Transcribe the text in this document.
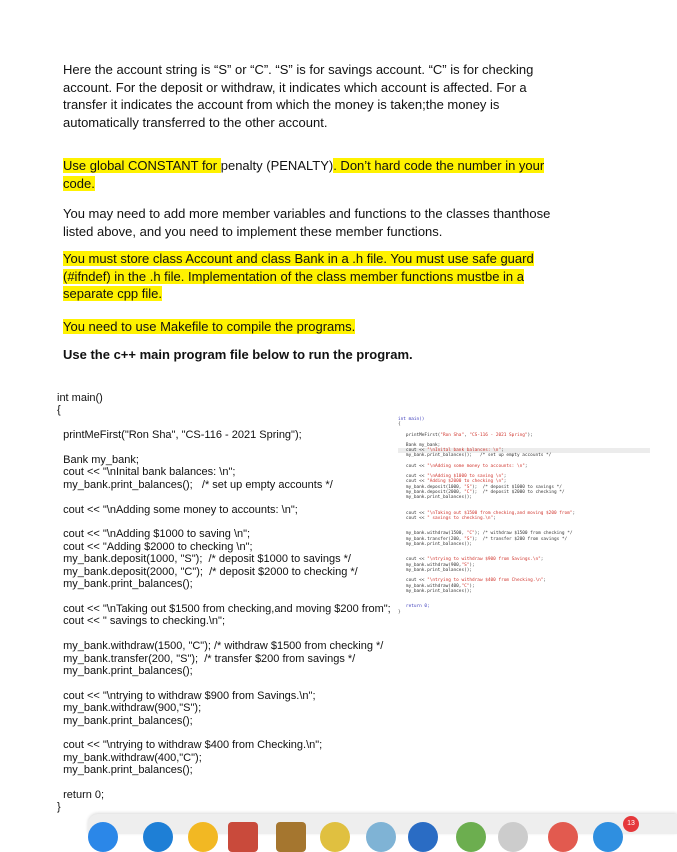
Here the account string is “S” or “C”. “S” is for savings account. “C” is for checking account. For the deposit or withdraw, it indicates which account is affected. For a transfer it indicates the account from which the money is taken;the money is automatically transferred to the other account.

Use global CONSTANT for penalty (PENALTY). Don’t hard code the number in your code.

You may need to add more member variables and functions to the classes thanthose listed above, and you need to implement these member functions.

You must store class Account and class Bank in a .h file. You must use safe guard (#ifndef) in the .h file. Implementation of the class member functions mustbe in a separate cpp file.

You need to use Makefile to compile the programs.

Use the c++ main program file below to run the program.

int main()
{

printMeFirst("Ron Sha", "CS-116 - 2021 Spring");

Bank my_bank;
cout << "\nInital bank balances: \n";
my_bank.print_balances();   /* set up empty accounts */

cout << "\nAdding some money to accounts: \n";

cout << "\nAdding $1000 to saving \n";
cout << "Adding $2000 to checking \n";
my_bank.deposit(1000, "S");  /* deposit $1000 to savings */
my_bank.deposit(2000, "C");  /* deposit $2000 to checking */
my_bank.print_balances();

cout << "\nTaking out $1500 from checking,and moving $200 from";
cout << " savings to checking.\n";

my_bank.withdraw(1500, "C"); /* withdraw $1500 from checking */
my_bank.transfer(200, "S");  /* transfer $200 from savings */
my_bank.print_balances();

cout << "\ntrying to withdraw $900 from Savings.\n";
my_bank.withdraw(900,"S");
my_bank.print_balances();

cout << "\ntrying to withdraw $400 from Checking.\n";
my_bank.withdraw(400,"C");
my_bank.print_balances();

return 0;
}
int main()
{

printMeFirst("Ron Sha", "CS-116 - 2021 Spring");

Bank my_bank;
cout << "\nInital bank balances: \n";
my_bank.print_balances();   /* set up empty accounts */

cout << "\nAdding some money to accounts: \n";

cout << "\nAdding $1000 to saving \n";
cout << "Adding $2000 to checking \n";
my_bank.deposit(1000, "S");  /* deposit $1000 to savings */
my_bank.deposit(2000, "C");  /* deposit $2000 to checking */
my_bank.print_balances();

cout << "\nTaking out $1500 from checking,and moving $200 from";
cout << " savings to checking.\n";

my_bank.withdraw(1500, "C"); /* withdraw $1500 from checking */
my_bank.transfer(200, "S");  /* transfer $200 from savings */
my_bank.print_balances();

cout << "\ntrying to withdraw $900 from Savings.\n";
my_bank.withdraw(900,"S");
my_bank.print_balances();

cout << "\ntrying to withdraw $400 from Checking.\n";
my_bank.withdraw(400,"C");
my_bank.print_balances();

return 0;
}
13
